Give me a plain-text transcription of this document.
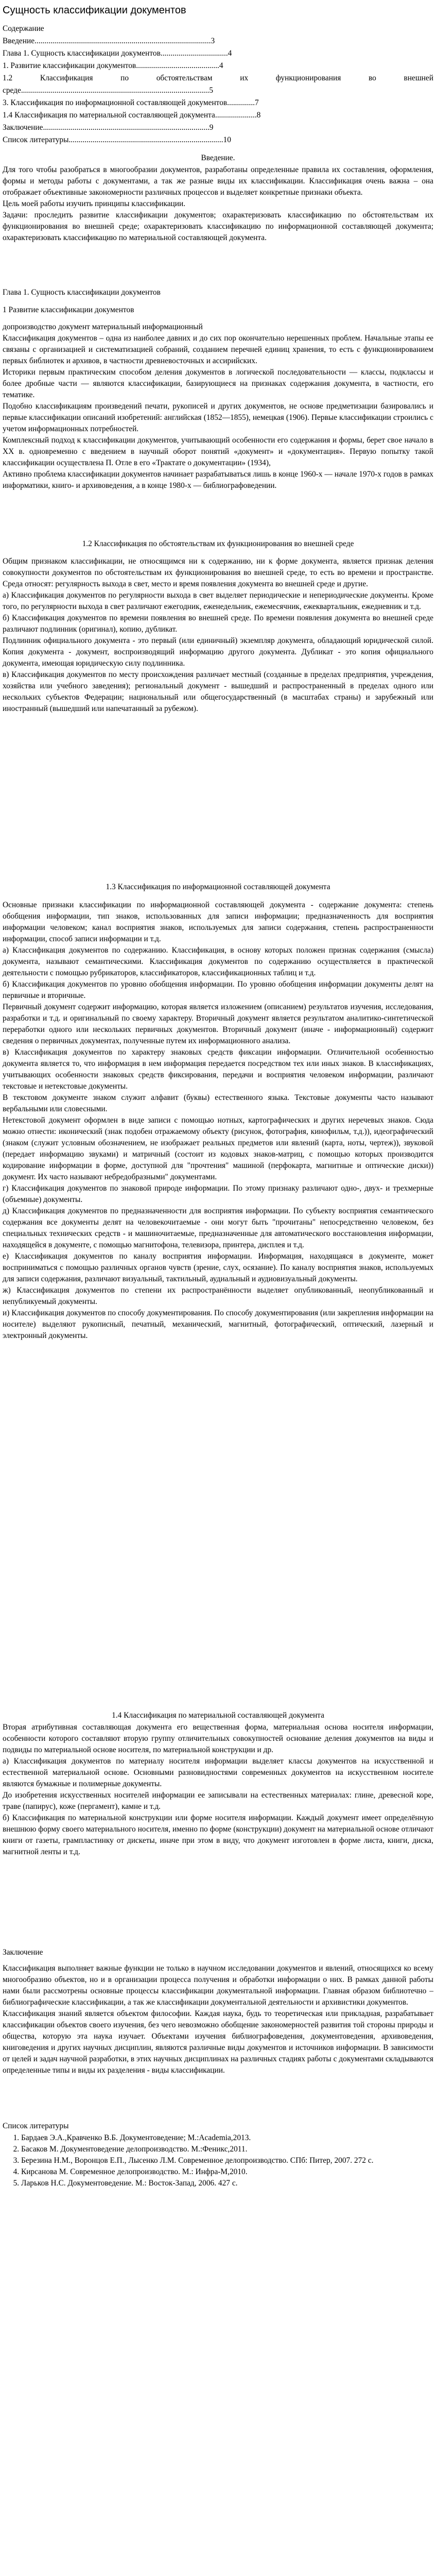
Сущность классификации документов
Содержание
Введение.........................................................................................3
Глава 1. Сущность классификации документов..................................4
1. Развитие классификации документов..........................................4
1.2 Классификация по обстоятельствам их функционирования во внешней среде...............................................................................................5
3. Классификация по информационной составляющей документов..............7
1.4 Классификация по материальной составляющей документа.....................8
Заключение....................................................................................9
Список литературы..............................................................................10
Введение.

Для того чтобы разобраться в многообразии документов, разработаны определенные правила их составления, оформления, формы и методы работы с документами, а так же разные виды их классификации. Классификация очень важна – она отображает объективные закономерности различных процессов и выделяет конкретные признаки объекта.

Цель моей работы изучить принципы классификации.

Задачи: проследить развитие классификации документов; охарактеризовать классификацию по обстоятельствам их функционирования во внешней среде; охарактеризовать классификацию по информационной составляющей документа; охарактеризовать классификацию по материальной составляющей документа.

Глава 1. Сущность классификации документов
1 Развитие классификации документов

допроизводство документ материальный информационный

Классификация документов – одна из наиболее давних и до сих пор окончательно нерешенных проблем. Начальные этапы ее связаны с организацией и систематизацией собраний, созданием перечней единиц хранения, то есть с функционированием первых библиотек и архивов, в частности древневосточных и ассирийских.

Историки первым практическим способом деления документов в логической последовательности — классы, подклассы и более дробные части — являются классификации, базирующиеся на признаках содержания документа, в частности, его тематике.

Подобно классификациям произведений печати, рукописей и других документов, не основе предметизации базировались и первые классификации описаний изобретений: английская (1852—1855), немецкая (1906). Первые классификации строились с учетом информационных потребностей.

Комплексный подход к классификации документов, учитывающий особенности его содержания и формы, берет свое начало в XX в. одновременно с введением в научный оборот понятий «документ» и «документация». Первую попытку такой классификации осуществлена П. Отле в его «Трактате о документации» (1934),

Активно проблема классификации документов начинает разрабатываться лишь в конце 1960-х — начале 1970-х годов в рамках информатики, книго- и архивоведения, а в конце 1980-х — библиографоведении.

1.2 Классификация по обстоятельствам их функционирования во внешней среде

Общим признаком классификации, не относящимся ни к содержанию, ни к форме документа, является признак деления совокупности документов по обстоятельствам их функционирования во внешней среде, то есть во времени и пространстве. Среда относят: регулярность выхода в свет, место и время появления документа во внешней среде и другие.

а) Классификация документов по регулярности выхода в свет выделяет периодические и непериодические документы. Кроме того, по регулярности выхода в свет различают ежегодник, еженедельник, ежемесячник, ежеквартальник, ежедневник и т.д.

б) Классификация документов по времени появления во внешней среде. По времени появления документа во внешней среде различают подлинник (оригинал), копию, дубликат.

Подлинник официального документа - это первый (или единичный) экземпляр документа, обладающий юридической силой. Копия документа - документ, воспроизводящий информацию другого документа. Дубликат - это копия официального документа, имеющая юридическую силу подлинника.

в) Классификация документов по месту происхождения различает местный (созданные в пределах предприятия, учреждения, хозяйства или учебного заведения); региональный документ - вышедший и распространенный в пределах одного или нескольких субъектов Федерации; национальный или общегосударственный (в масштабах страны) и зарубежный или иностранный (вышедший или напечатанный за рубежом).

1.3 Классификация по информационной составляющей документа

Основные признаки классификации по информационной составляющей документа - содержание документа: степень обобщения информации, тип знаков, использованных для записи информации; предназначенность для восприятия информации человеком; канал восприятия знаков, используемых для записи содержания, степень распространенности информации, способ записи информации и т.д.

а) Классификация документов по содержанию. Классификация, в основу которых положен признак содержания (смысла) документа, называют семантическими. Классификация документов по содержанию осуществляется в практической деятельности с помощью рубрикаторов, классификаторов, классификационных таблиц и т.д.

б) Классификация документов по уровню обобщения информации. По уровню обобщения информации документы делят на первичные и вторичные.

Первичный документ содержит информацию, которая является изложением (описанием) результатов изучения, исследования, разработки и т.д. и оригинальный по своему характеру. Вторичный документ является результатом аналитико-синтетической переработки одного или нескольких первичных документов. Вторичный документ (иначе - информационный) содержит сведения о первичных документах, полученные путем их информационного анализа.

в) Классификация документов по характеру знаковых средств фиксации информации. Отличительной особенностью документа является то, что информация в нем информация передается посредством тех или иных знаков. В классификациях, учитывающих особенности знаковых средств фиксирования, передачи и восприятия человеком информации, различают текстовые и нетекстовые документы.

В текстовом документе знаком служит алфавит (буквы) естественного языка. Текстовые документы часто называют вербальными или словесными.

Нетекстовой документ оформлен в виде записи с помощью нотных, картографических и других неречевых знаков. Сюда можно отнести: иконический (знак подобен отражаемому объекту (рисунок, фотография, кинофильм, т.д.)), идеографический (знаком (служит условным обозначением, не изображает реальных предметов или явлений (карта, ноты, чертеж)), звуковой (передает информацию звуками) и матричный (состоит из кодовых знаков-матриц, с помощью которых производится кодирование информации в форме, доступной для "прочтения" машиной (перфокарта, магнитные и оптические диски)) документ. Их часто называют небредобразными" документами.

г) Классификация документов по знаковой природе информации. По этому признаку различают одно-, двух- и трехмерные (объемные) документы.

д) Классификация документов по предназначенности для восприятия информации. По субъекту восприятия семантического содержания все документы делят на человекочитаемые - они могут быть "прочитаны" непосредственно человеком, без специальных технических средств - и машиночитаемые, предназначенные для автоматического восстановления информации, находящейся в документе, с помощью магнитофона, телевизора, принтера, дисплея и т.д.

е) Классификация документов по каналу восприятия информации. Информация, находящаяся в документе, может восприниматься с помощью различных органов чувств (зрение, слух, осязание). По каналу восприятия знаков, используемых для записи содержания, различают визуальный, тактильный, аудиальный и аудиовизуальный документы.

ж) Классификация документов по степени их распространённости выделяет опубликованный, неопубликованный и непубликуемый документы.

и) Классификация документов по способу документирования. По способу документирования (или закрепления информации на носителе) выделяют рукописный, печатный, механический, магнитный, фотографический, оптический, лазерный и электронный документы.

1.4 Классификация по материальной составляющей документа

Вторая атрибутивная составляющая документа его вещественная форма, материальная основа носителя информации, особенности которого составляют вторую группу отличительных совокупностей основание деления документов на виды и подвиды по материальной основе носителя, по материальной конструкции и др.

а) Классификация документов по материалу носителя информации выделяет классы документов на искусственной и естественной материальной основе. Основными разновидностями современных документов на искусственном носителе являются бумажные и полимерные документы.

До изобретения искусственных носителей информации ее записывали на естественных материалах: глине, древесной коре, траве (папирус), коже (пергамент), камне и т.д.

б) Классификация по материальной конструкции или форме носителя информации. Каждый документ имеет определённую внешнюю форму своего материального носителя, именно по форме (конструкции) документ на материальной основе отличают книги от газеты, грампластинку от дискеты, иначе при этом в виду, что документ изготовлен в форме листа, книги, диска, магнитной ленты и т.д.

Заключение

Классификация выполняет важные функции не только в научном исследовании документов и явлений, относящихся ко всему многообразию объектов, но и в организации процесса получения и обработки информации о них. В рамках данной работы нами были рассмотрены основные процессы классификации документальной информации. Главная образом библиотечно – библиографические классификации, а так же классификации документальной деятельности и архивистики документов.

Классификация знаний является объектом философии. Каждая наука, будь то теоретическая или прикладная, разрабатывает классификации объектов своего изучения, без чего невозможно обобщение закономерностей развития той стороны природы и общества, которую эта наука изучает. Объектами изучения библиографоведения, документоведения, архивоведения, книговедения и других научных дисциплин, являются различные виды документов и источников информации. В зависимости от целей и задач научной разработки, в этих научных дисциплинах на различных стадиях работы с документами складываются определенные типы и виды их разделения - виды классификации.

Список литературы
1. Бардаев Э.А.,Кравченко В.Б. Документоведение; М.:Academia,2013.
2. Басаков М. Документоведение делопроизводство. М.:Феникс,2011.
3. Березина Н.М., Воронцов Е.П., Лысенко Л.М. Современное делопроизводство. СПб: Питер, 2007. 272 с.
4. Кирсанова М. Современное делопроизводство. М.: Инфра-М,2010.
5. Ларьков Н.С. Документоведение. М.: Восток-Запад, 2006. 427 с.
